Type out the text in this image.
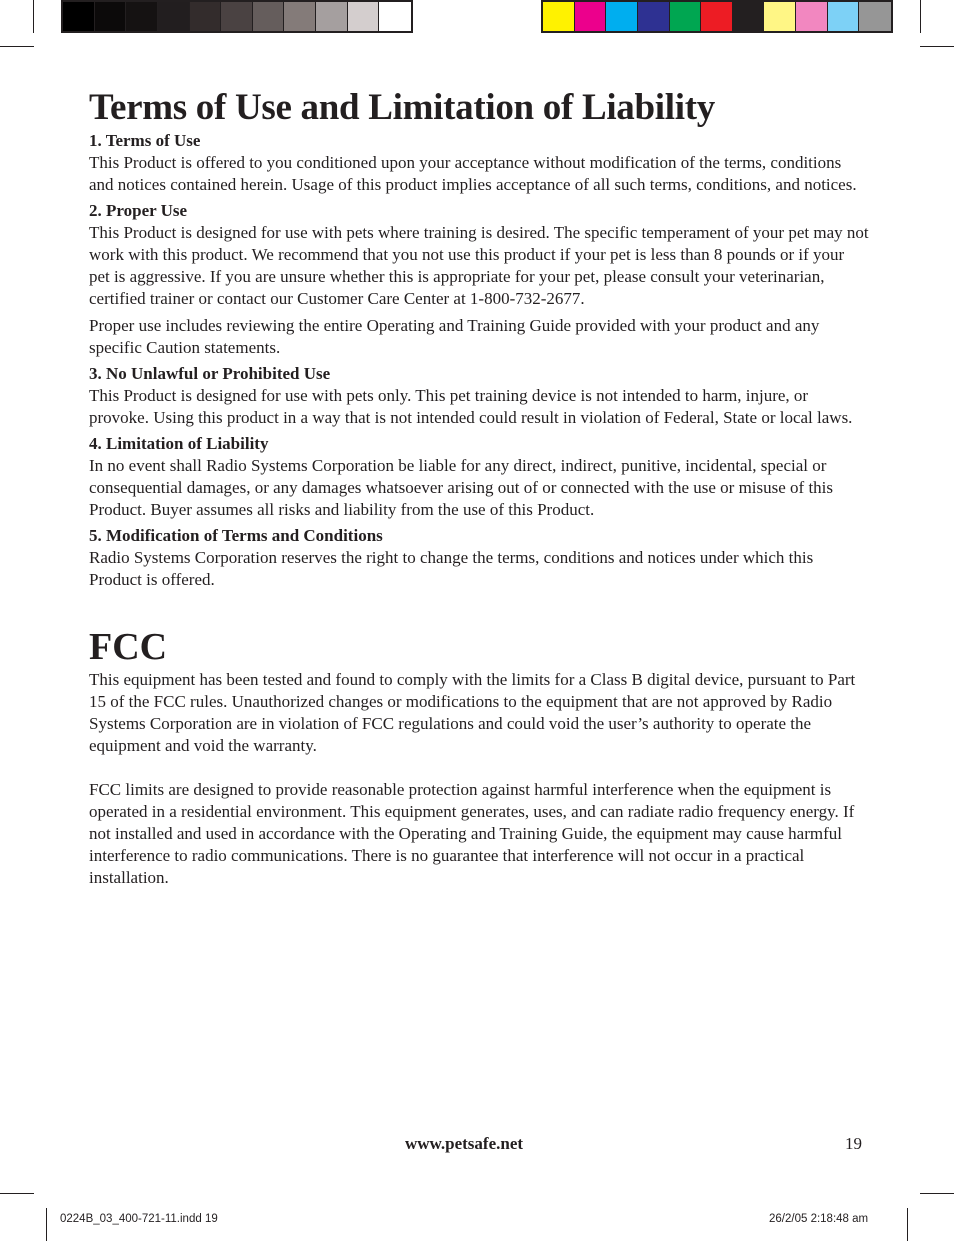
Terms of Use and Limitation of Liability
1. Terms of Use

This Product is offered to you conditioned upon your acceptance without modification of the terms, conditions and notices contained herein. Usage of this product implies acceptance of all such terms, conditions, and notices.

2. Proper Use

This Product is designed for use with pets where training is desired. The specific temperament of your pet may not work with this product. We recommend that you not use this product if your pet is less than 8 pounds or if your pet is aggressive. If you are unsure whether this is appropriate for your pet, please consult your veterinarian, certified trainer or contact our Customer Care Center at 1-800-732-2677.

Proper use includes reviewing the entire Operating and Training Guide provided with your product and any specific Caution statements.

3. No Unlawful or Prohibited Use

This Product is designed for use with pets only. This pet training device is not intended to harm, injure, or provoke. Using this product in a way that is not intended could result in violation of Federal, State or local laws.

4. Limitation of Liability

In no event shall Radio Systems Corporation be liable for any direct, indirect, punitive, incidental, special or consequential damages, or any damages whatsoever arising out of or connected with the use or misuse of this Product. Buyer assumes all risks and liability from the use of this Product.

5. Modification of Terms and Conditions

Radio Systems Corporation reserves the right to change the terms, conditions and notices under which this Product is offered.

FCC

This equipment has been tested and found to comply with the limits for a Class B digital device, pursuant to Part 15 of the FCC rules. Unauthorized changes or modifications to the equipment that are not approved by Radio Systems Corporation are in violation of FCC regulations and could void the user’s authority to operate the equipment and void the warranty.

FCC limits are designed to provide reasonable protection against harmful interference when the equipment is operated in a residential environment. This equipment generates, uses, and can radiate radio frequency energy. If not installed and used in accordance with the Operating and Training Guide, the equipment may cause harmful interference to radio communications. There is no guarantee that interference will not occur in a practical installation.

www.petsafe.net	19
0224B_03_400-721-11.indd 19	26/2/05 2:18:48 am
